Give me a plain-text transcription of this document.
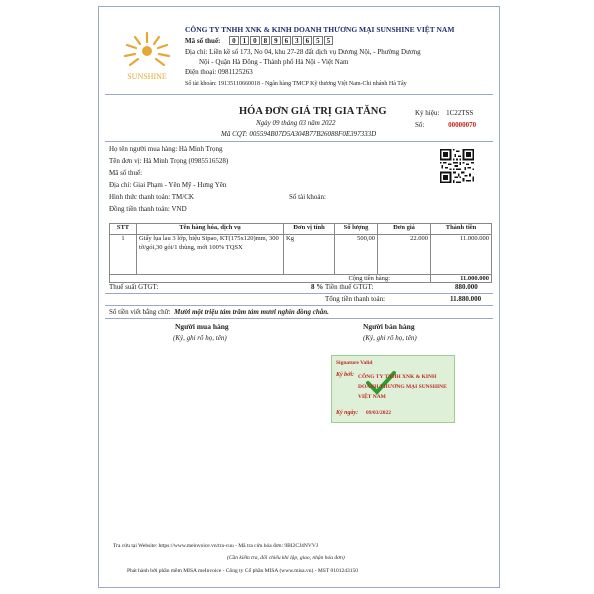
SUNSHINE
CÔNG TY TNHH XNK & KINH DOANH THƯƠNG MẠI SUNSHINE VIỆT NAM
Mã số thuế: 0 1 0 8 9 6 3 6 5 5
Địa chỉ: Liền kề số 173, No 04, khu 27-28 đất dịch vụ Dương Nội, - Phường Dương
Nội - Quận Hà Đông - Thành phố Hà Nội - Việt Nam
Điện thoại: 0981125263
Số tài khoản: 19135110660018 - Ngân hàng TMCP Kỹ thương Việt Nam-Chi nhánh Hà Tây
HÓA ĐƠN GIÁ TRỊ GIA TĂNG
Ngày 09 tháng 03 năm 2022
Mã CQT: 005594B07D5A304B77B26088F0E397333D
Ký hiệu: 1C22TSS
Số:	00000070
Họ tên người mua hàng: Hà Minh Trọng
Tên đơn vị: Hà Minh Trọng (0985516528)
Mã số thuế:
Địa chỉ: Giai Phạm - Yên Mỹ - Hưng Yên
Hình thức thanh toán: TM/CK	Số tài khoản:
Đồng tiền thanh toán: VND
STT	Tên hàng hóa, dịch vụ	Đơn vị tính	Số lượng	Đơn giá	Thành tiền
1	Giấy lụa lau 3 lớp, hiệu Sipao, KT(175x120)mm, 300 tờ/gói,30 gói/1 thùng, mới 100% TQSX	Kg	500,00	22.000	11.000.000
Cộng tiền hàng:					11.000.000
Thuế suất GTGT:	8 % Tiền thuế GTGT:	880.000
Tổng tiền thanh toán:	11.880.000
Số tiền viết bằng chữ: Mười một triệu tám trăm tám mươi nghìn đồng chẵn.
Người mua hàng
(Ký, ghi rõ họ, tên)
Người bán hàng
(Ký, ghi rõ họ, tên)
Signature Valid
Ký bởi: CÔNG TY TNHH XNK & KINH DOANH THƯƠNG MẠI SUNSHINE VIỆT NAM
Ký ngày: 09/03/2022
Tra cứu tại Website: https://www.meinvoice.vn/tra-cuu - Mã tra cứu hóa đơn: 9BI2CJ4NVVJ
(Cần kiểm tra, đối chiếu khi lập, giao, nhận hóa đơn)
Phát hành bởi phần mềm MISA meInvoice - Công ty Cổ phần MISA (www.misa.vn) - MST 0101243150
